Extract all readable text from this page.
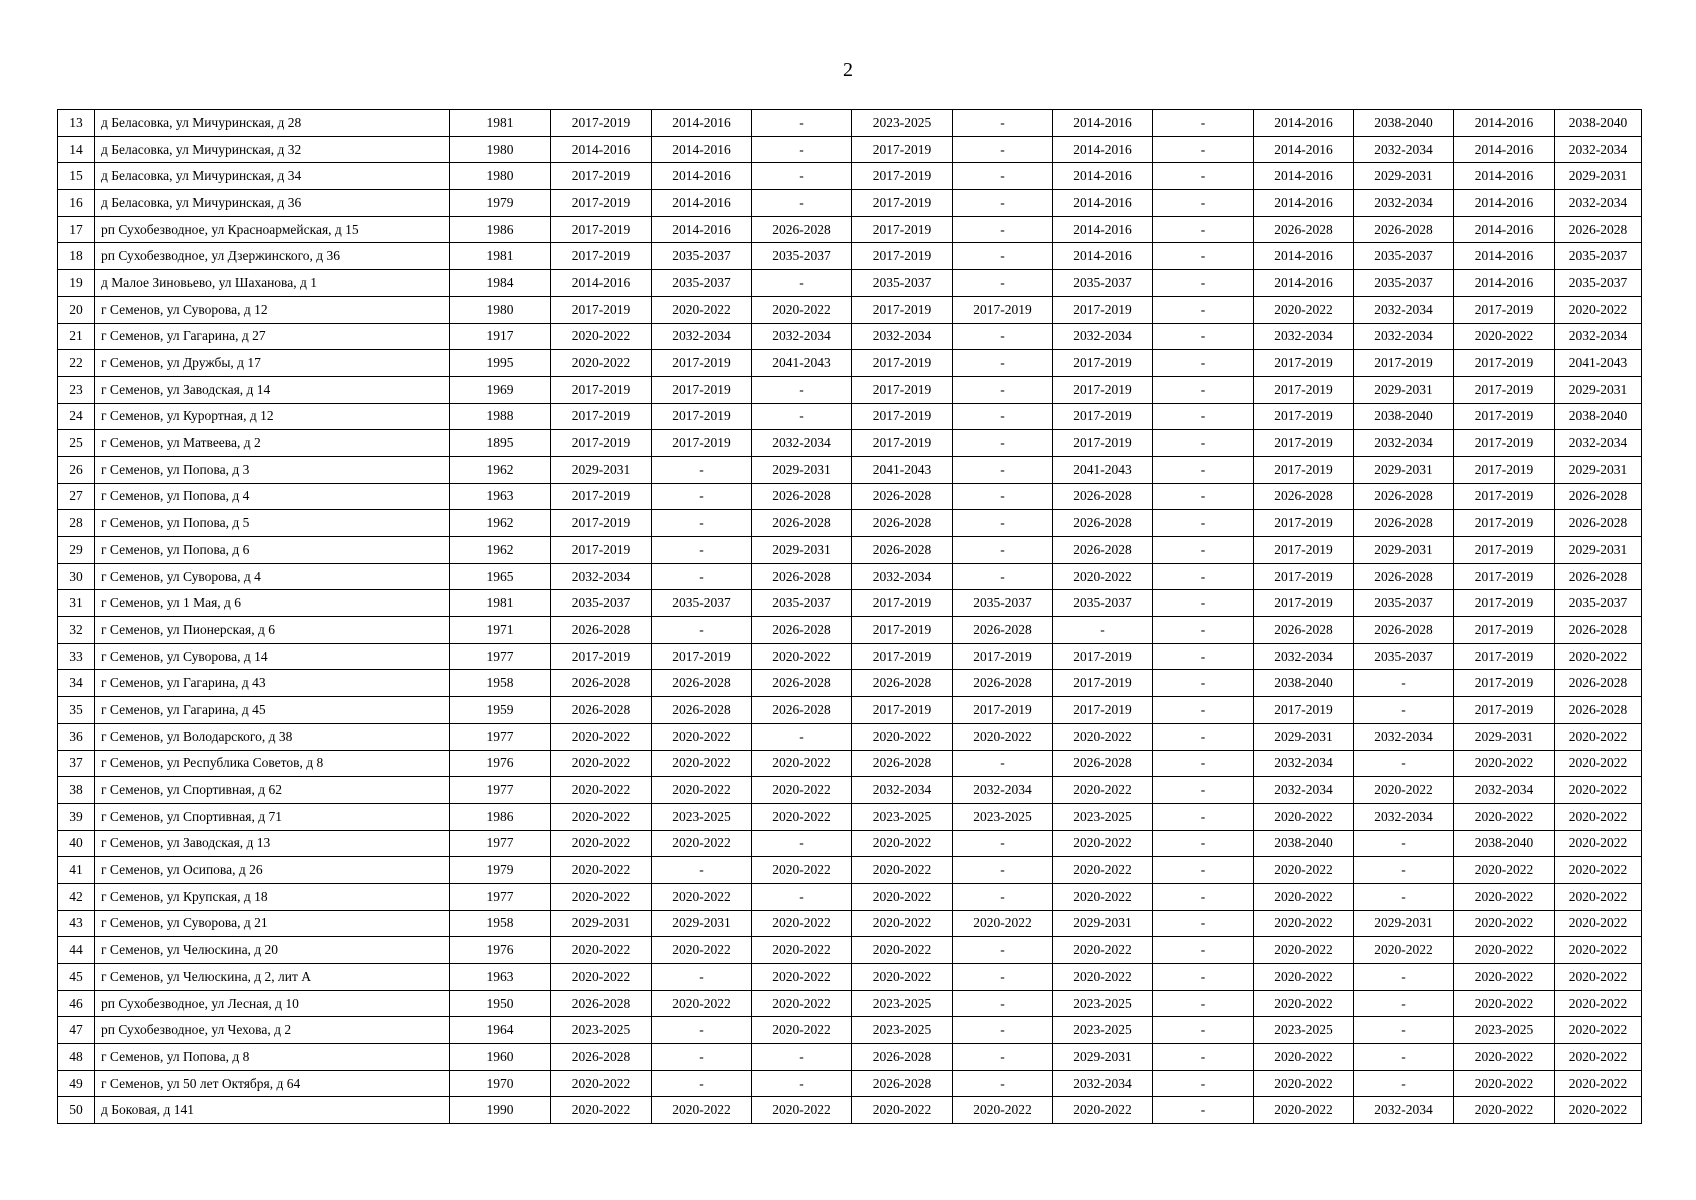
2
13	д Беласовка, ул Мичуринская, д 28	1981	2017-2019	2014-2016	-	2023-2025	-	2014-2016	-	2014-2016	2038-2040	2014-2016	2038-2040
14	д Беласовка, ул Мичуринская, д 32	1980	2014-2016	2014-2016	-	2017-2019	-	2014-2016	-	2014-2016	2032-2034	2014-2016	2032-2034
15	д Беласовка, ул Мичуринская, д 34	1980	2017-2019	2014-2016	-	2017-2019	-	2014-2016	-	2014-2016	2029-2031	2014-2016	2029-2031
16	д Беласовка, ул Мичуринская, д 36	1979	2017-2019	2014-2016	-	2017-2019	-	2014-2016	-	2014-2016	2032-2034	2014-2016	2032-2034
17	рп Сухобезводное, ул Красноармейская, д 15	1986	2017-2019	2014-2016	2026-2028	2017-2019	-	2014-2016	-	2026-2028	2026-2028	2014-2016	2026-2028
18	рп Сухобезводное, ул Дзержинского, д 36	1981	2017-2019	2035-2037	2035-2037	2017-2019	-	2014-2016	-	2014-2016	2035-2037	2014-2016	2035-2037
19	д Малое Зиновьево, ул Шаханова, д 1	1984	2014-2016	2035-2037	-	2035-2037	-	2035-2037	-	2014-2016	2035-2037	2014-2016	2035-2037
20	г Семенов, ул Суворова, д 12	1980	2017-2019	2020-2022	2020-2022	2017-2019	2017-2019	2017-2019	-	2020-2022	2032-2034	2017-2019	2020-2022
21	г Семенов, ул Гагарина, д 27	1917	2020-2022	2032-2034	2032-2034	2032-2034	-	2032-2034	-	2032-2034	2032-2034	2020-2022	2032-2034
22	г Семенов, ул Дружбы, д 17	1995	2020-2022	2017-2019	2041-2043	2017-2019	-	2017-2019	-	2017-2019	2017-2019	2017-2019	2041-2043
23	г Семенов, ул Заводская, д 14	1969	2017-2019	2017-2019	-	2017-2019	-	2017-2019	-	2017-2019	2029-2031	2017-2019	2029-2031
24	г Семенов, ул Курортная, д 12	1988	2017-2019	2017-2019	-	2017-2019	-	2017-2019	-	2017-2019	2038-2040	2017-2019	2038-2040
25	г Семенов, ул Матвеева, д 2	1895	2017-2019	2017-2019	2032-2034	2017-2019	-	2017-2019	-	2017-2019	2032-2034	2017-2019	2032-2034
26	г Семенов, ул Попова, д 3	1962	2029-2031	-	2029-2031	2041-2043	-	2041-2043	-	2017-2019	2029-2031	2017-2019	2029-2031
27	г Семенов, ул Попова, д 4	1963	2017-2019	-	2026-2028	2026-2028	-	2026-2028	-	2026-2028	2026-2028	2017-2019	2026-2028
28	г Семенов, ул Попова, д 5	1962	2017-2019	-	2026-2028	2026-2028	-	2026-2028	-	2017-2019	2026-2028	2017-2019	2026-2028
29	г Семенов, ул Попова, д 6	1962	2017-2019	-	2029-2031	2026-2028	-	2026-2028	-	2017-2019	2029-2031	2017-2019	2029-2031
30	г Семенов, ул Суворова, д 4	1965	2032-2034	-	2026-2028	2032-2034	-	2020-2022	-	2017-2019	2026-2028	2017-2019	2026-2028
31	г Семенов, ул 1 Мая, д 6	1981	2035-2037	2035-2037	2035-2037	2017-2019	2035-2037	2035-2037	-	2017-2019	2035-2037	2017-2019	2035-2037
32	г Семенов, ул Пионерская, д 6	1971	2026-2028	-	2026-2028	2017-2019	2026-2028	-	-	2026-2028	2026-2028	2017-2019	2026-2028
33	г Семенов, ул Суворова, д 14	1977	2017-2019	2017-2019	2020-2022	2017-2019	2017-2019	2017-2019	-	2032-2034	2035-2037	2017-2019	2020-2022
34	г Семенов, ул Гагарина, д 43	1958	2026-2028	2026-2028	2026-2028	2026-2028	2026-2028	2017-2019	-	2038-2040	-	2017-2019	2026-2028
35	г Семенов, ул Гагарина, д 45	1959	2026-2028	2026-2028	2026-2028	2017-2019	2017-2019	2017-2019	-	2017-2019	-	2017-2019	2026-2028
36	г Семенов, ул Володарского, д 38	1977	2020-2022	2020-2022	-	2020-2022	2020-2022	2020-2022	-	2029-2031	2032-2034	2029-2031	2020-2022
37	г Семенов, ул Республика Советов, д 8	1976	2020-2022	2020-2022	2020-2022	2026-2028	-	2026-2028	-	2032-2034	-	2020-2022	2020-2022
38	г Семенов, ул Спортивная, д 62	1977	2020-2022	2020-2022	2020-2022	2032-2034	2032-2034	2020-2022	-	2032-2034	2020-2022	2032-2034	2020-2022
39	г Семенов, ул Спортивная, д 71	1986	2020-2022	2023-2025	2020-2022	2023-2025	2023-2025	2023-2025	-	2020-2022	2032-2034	2020-2022	2020-2022
40	г Семенов, ул Заводская, д 13	1977	2020-2022	2020-2022	-	2020-2022	-	2020-2022	-	2038-2040	-	2038-2040	2020-2022
41	г Семенов, ул Осипова, д 26	1979	2020-2022	-	2020-2022	2020-2022	-	2020-2022	-	2020-2022	-	2020-2022	2020-2022
42	г Семенов, ул Крупская, д 18	1977	2020-2022	2020-2022	-	2020-2022	-	2020-2022	-	2020-2022	-	2020-2022	2020-2022
43	г Семенов, ул Суворова, д 21	1958	2029-2031	2029-2031	2020-2022	2020-2022	2020-2022	2029-2031	-	2020-2022	2029-2031	2020-2022	2020-2022
44	г Семенов, ул Челюскина, д 20	1976	2020-2022	2020-2022	2020-2022	2020-2022	-	2020-2022	-	2020-2022	2020-2022	2020-2022	2020-2022
45	г Семенов, ул Челюскина, д 2, лит А	1963	2020-2022	-	2020-2022	2020-2022	-	2020-2022	-	2020-2022	-	2020-2022	2020-2022
46	рп Сухобезводное, ул Лесная, д 10	1950	2026-2028	2020-2022	2020-2022	2023-2025	-	2023-2025	-	2020-2022	-	2020-2022	2020-2022
47	рп Сухобезводное, ул Чехова, д 2	1964	2023-2025	-	2020-2022	2023-2025	-	2023-2025	-	2023-2025	-	2023-2025	2020-2022
48	г Семенов, ул Попова, д 8	1960	2026-2028	-	-	2026-2028	-	2029-2031	-	2020-2022	-	2020-2022	2020-2022
49	г Семенов, ул 50 лет Октября, д 64	1970	2020-2022	-	-	2026-2028	-	2032-2034	-	2020-2022	-	2020-2022	2020-2022
50	д Боковая, д 141	1990	2020-2022	2020-2022	2020-2022	2020-2022	2020-2022	2020-2022	-	2020-2022	2032-2034	2020-2022	2020-2022
